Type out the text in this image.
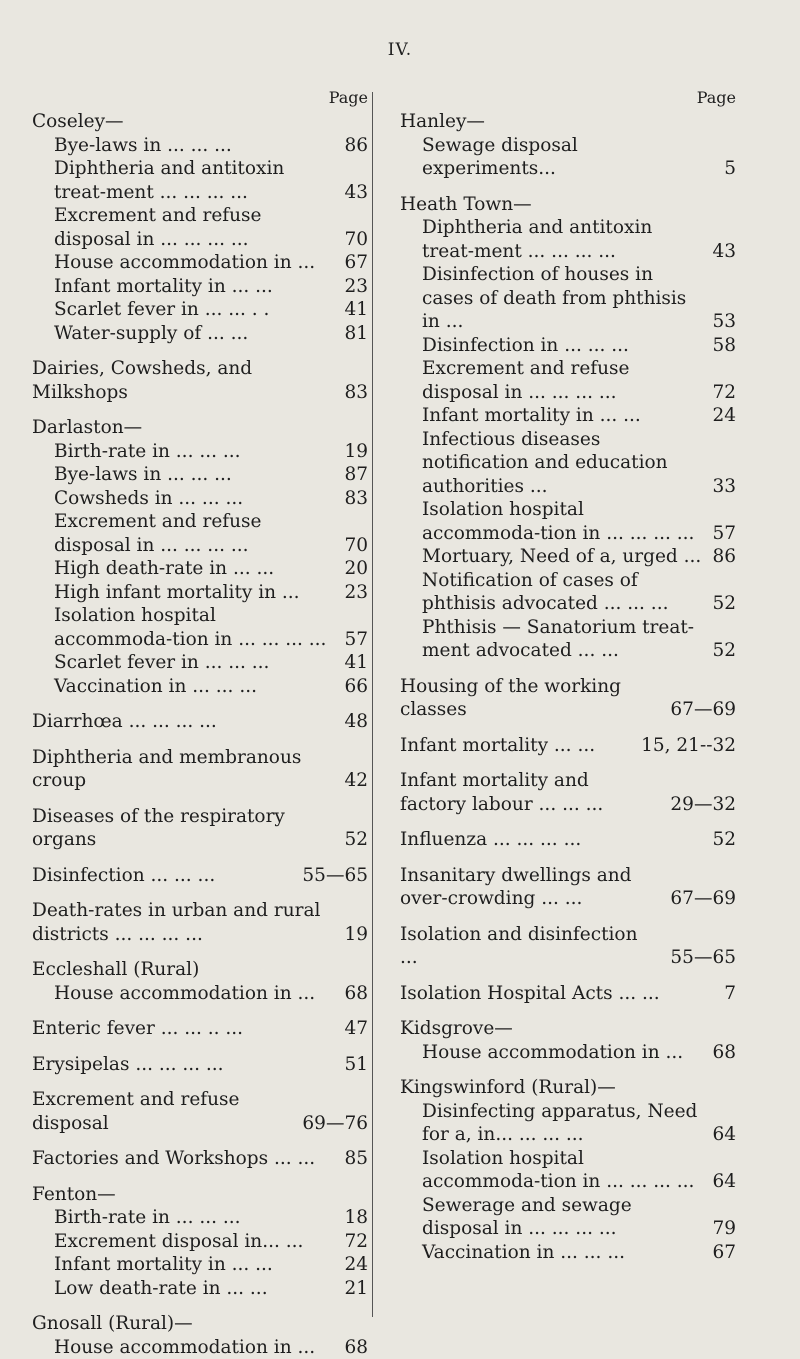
IV.
Page
Coseley—
Bye-laws in ... ... ...	86
Diphtheria and antitoxin treat-ment ... ... ... ...	43
Excrement and refuse disposal in ... ... ... ...	70
House accommodation in ...	67
Infant mortality in ... ...	23
Scarlet fever in ... ... . .	41
Water-supply of ... ...	81
Dairies, Cowsheds, and Milkshops	83
Darlaston—
Birth-rate in ... ... ...	19
Bye-laws in ... ... ...	87
Cowsheds in ... ... ...	83
Excrement and refuse disposal in ... ... ... ...	70
High death-rate in ... ...	20
High infant mortality in ...	23
Isolation hospital accommoda-tion in ... ... ... ... 57
Scarlet fever in ... ... ...	41
Vaccination in ... ... ...	66
Diarrhœa ... ... ... ...	48
Diphtheria and membranous croup	42
Diseases of the respiratory organs	52
Disinfection ... ... ...	55—65
Death-rates in urban and rural districts ... ... ... ...	19
Eccleshall (Rural)
House accommodation in ...	68
Enteric fever ... ... .. ...	47
Erysipelas ... ... ... ...	51
Excrement and refuse disposal	69—76
Factories and Workshops ... ...	85
Fenton—
Birth-rate in ... ... ...	18
Excrement disposal in... ...	72
Infant mortality in ... ...	24
Low death-rate in ... ...	21
Gnosall (Rural)—
House accommodation in ...	68
Page
Hanley—
Sewage disposal experiments...	5
Heath Town—
Diphtheria and antitoxin treat-ment ... ... ... ...	43
Disinfection of houses in cases of death from phthisis in ...	53
Disinfection in ... ... ...	58
Excrement and refuse disposal in ... ... ... ...	72
Infant mortality in ... ...	24
Infectious diseases notification and education authorities ...	33
Isolation hospital accommoda-tion in ... ... ... ... 57
Mortuary, Need of a, urged ... 86
Notification of cases of phthisis advocated ... ... ...	52
Phthisis — Sanatorium treat-ment advocated ... ...	52
Housing of the working classes	67—69
Infant mortality ... ...	15, 21--32
Infant mortality and factory labour ... ... ...	29—32
Influenza ... ... ... ...	52
Insanitary dwellings and over-crowding ... ...	67—69
Isolation and disinfection ...	55—65
Isolation Hospital Acts ... ...	7
Kidsgrove—
House accommodation in ...	68
Kingswinford (Rural)—
Disinfecting apparatus, Need for a, in... ... ... ...	64
Isolation hospital accommoda-tion in ... ... ... ... 64
Sewerage and sewage disposal in ... ... ... ...	79
Vaccination in ... ... ...	67
